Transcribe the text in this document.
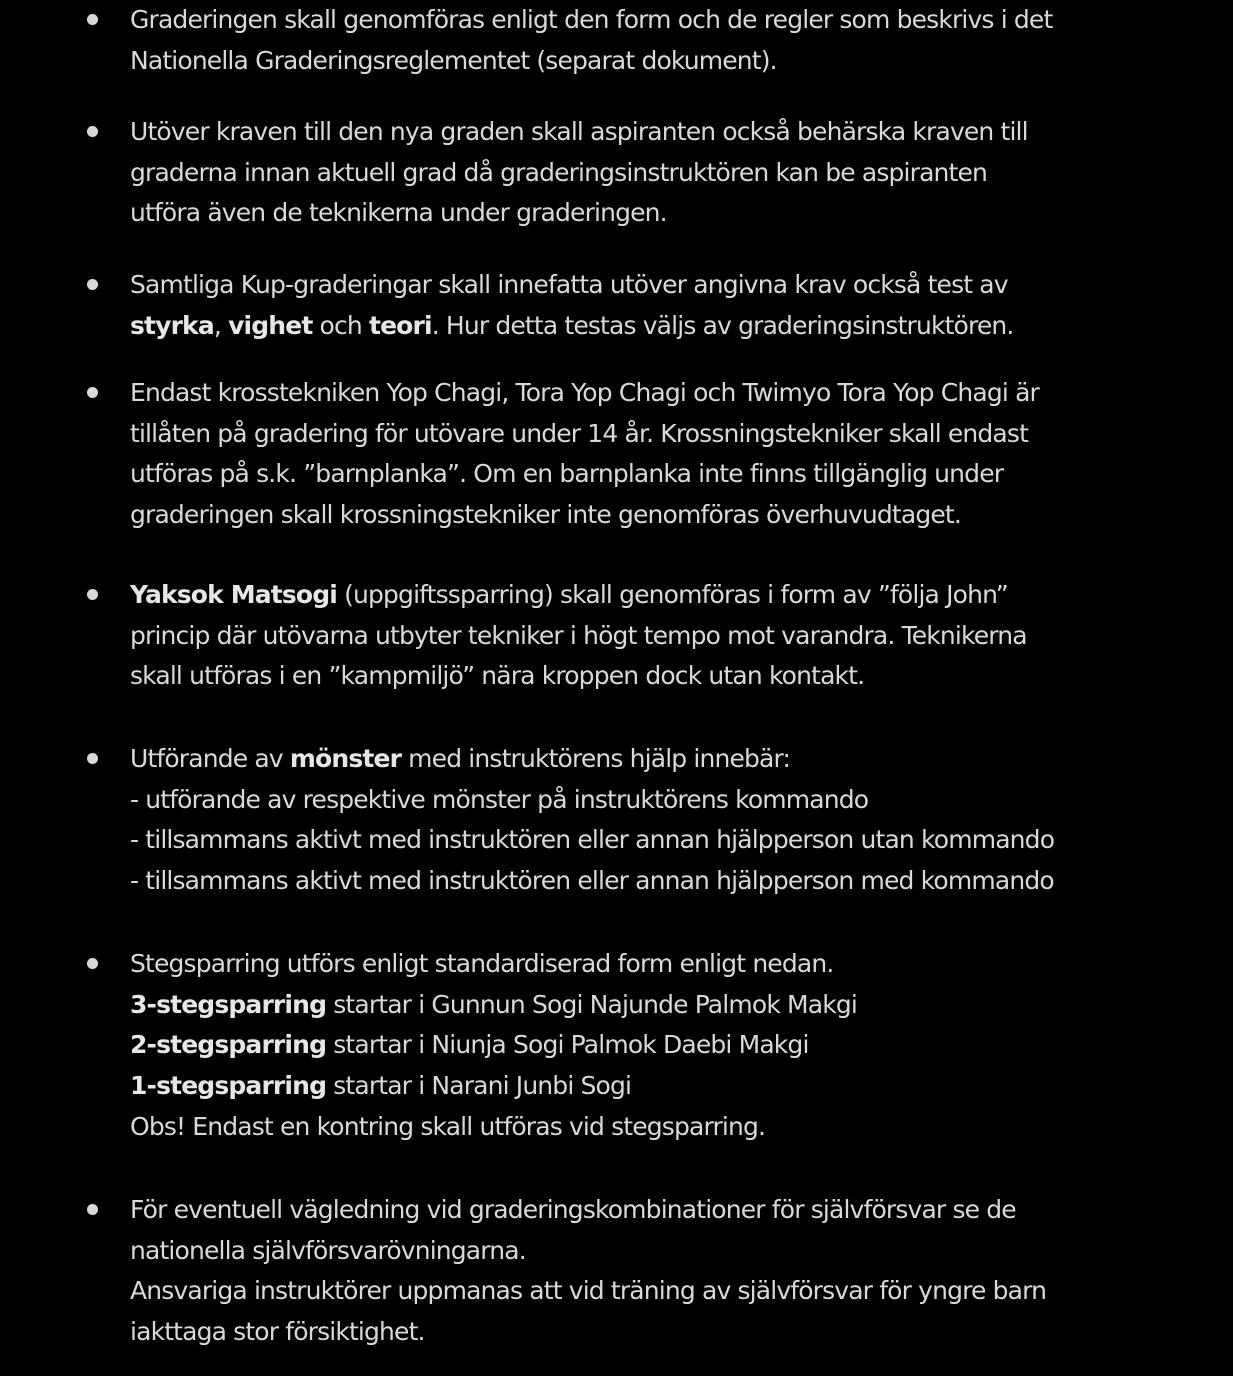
Graderingen skall genomföras enligt den form och de regler som beskrivs i det
Nationella Graderingsreglementet (separat dokument).
Utöver kraven till den nya graden skall aspiranten också behärska kraven till
graderna innan aktuell grad då graderingsinstruktören kan be aspiranten
utföra även de teknikerna under graderingen.
Samtliga Kup-graderingar skall innefatta utöver angivna krav också test av
styrka, vighet och teori. Hur detta testas väljs av graderingsinstruktören.
Endast krosstekniken Yop Chagi, Tora Yop Chagi och Twimyo Tora Yop Chagi är
tillåten på gradering för utövare under 14 år. Krossningstekniker skall endast
utföras på s.k. ”barnplanka”. Om en barnplanka inte finns tillgänglig under
graderingen skall krossningstekniker inte genomföras överhuvudtaget.
Yaksok Matsogi (uppgiftssparring) skall genomföras i form av ”följa John”
princip där utövarna utbyter tekniker i högt tempo mot varandra. Teknikerna
skall utföras i en ”kampmiljö” nära kroppen dock utan kontakt.
Utförande av mönster med instruktörens hjälp innebär:
- utförande av respektive mönster på instruktörens kommando
- tillsammans aktivt med instruktören eller annan hjälpperson utan kommando
- tillsammans aktivt med instruktören eller annan hjälpperson med kommando
Stegsparring utförs enligt standardiserad form enligt nedan.
3-stegsparring startar i Gunnun Sogi Najunde Palmok Makgi
2-stegsparring startar i Niunja Sogi Palmok Daebi Makgi
1-stegsparring startar i Narani Junbi Sogi
Obs! Endast en kontring skall utföras vid stegsparring.
För eventuell vägledning vid graderingskombinationer för självförsvar se de
nationella självförsvarövningarna.
Ansvariga instruktörer uppmanas att vid träning av självförsvar för yngre barn
iakttaga stor försiktighet.
